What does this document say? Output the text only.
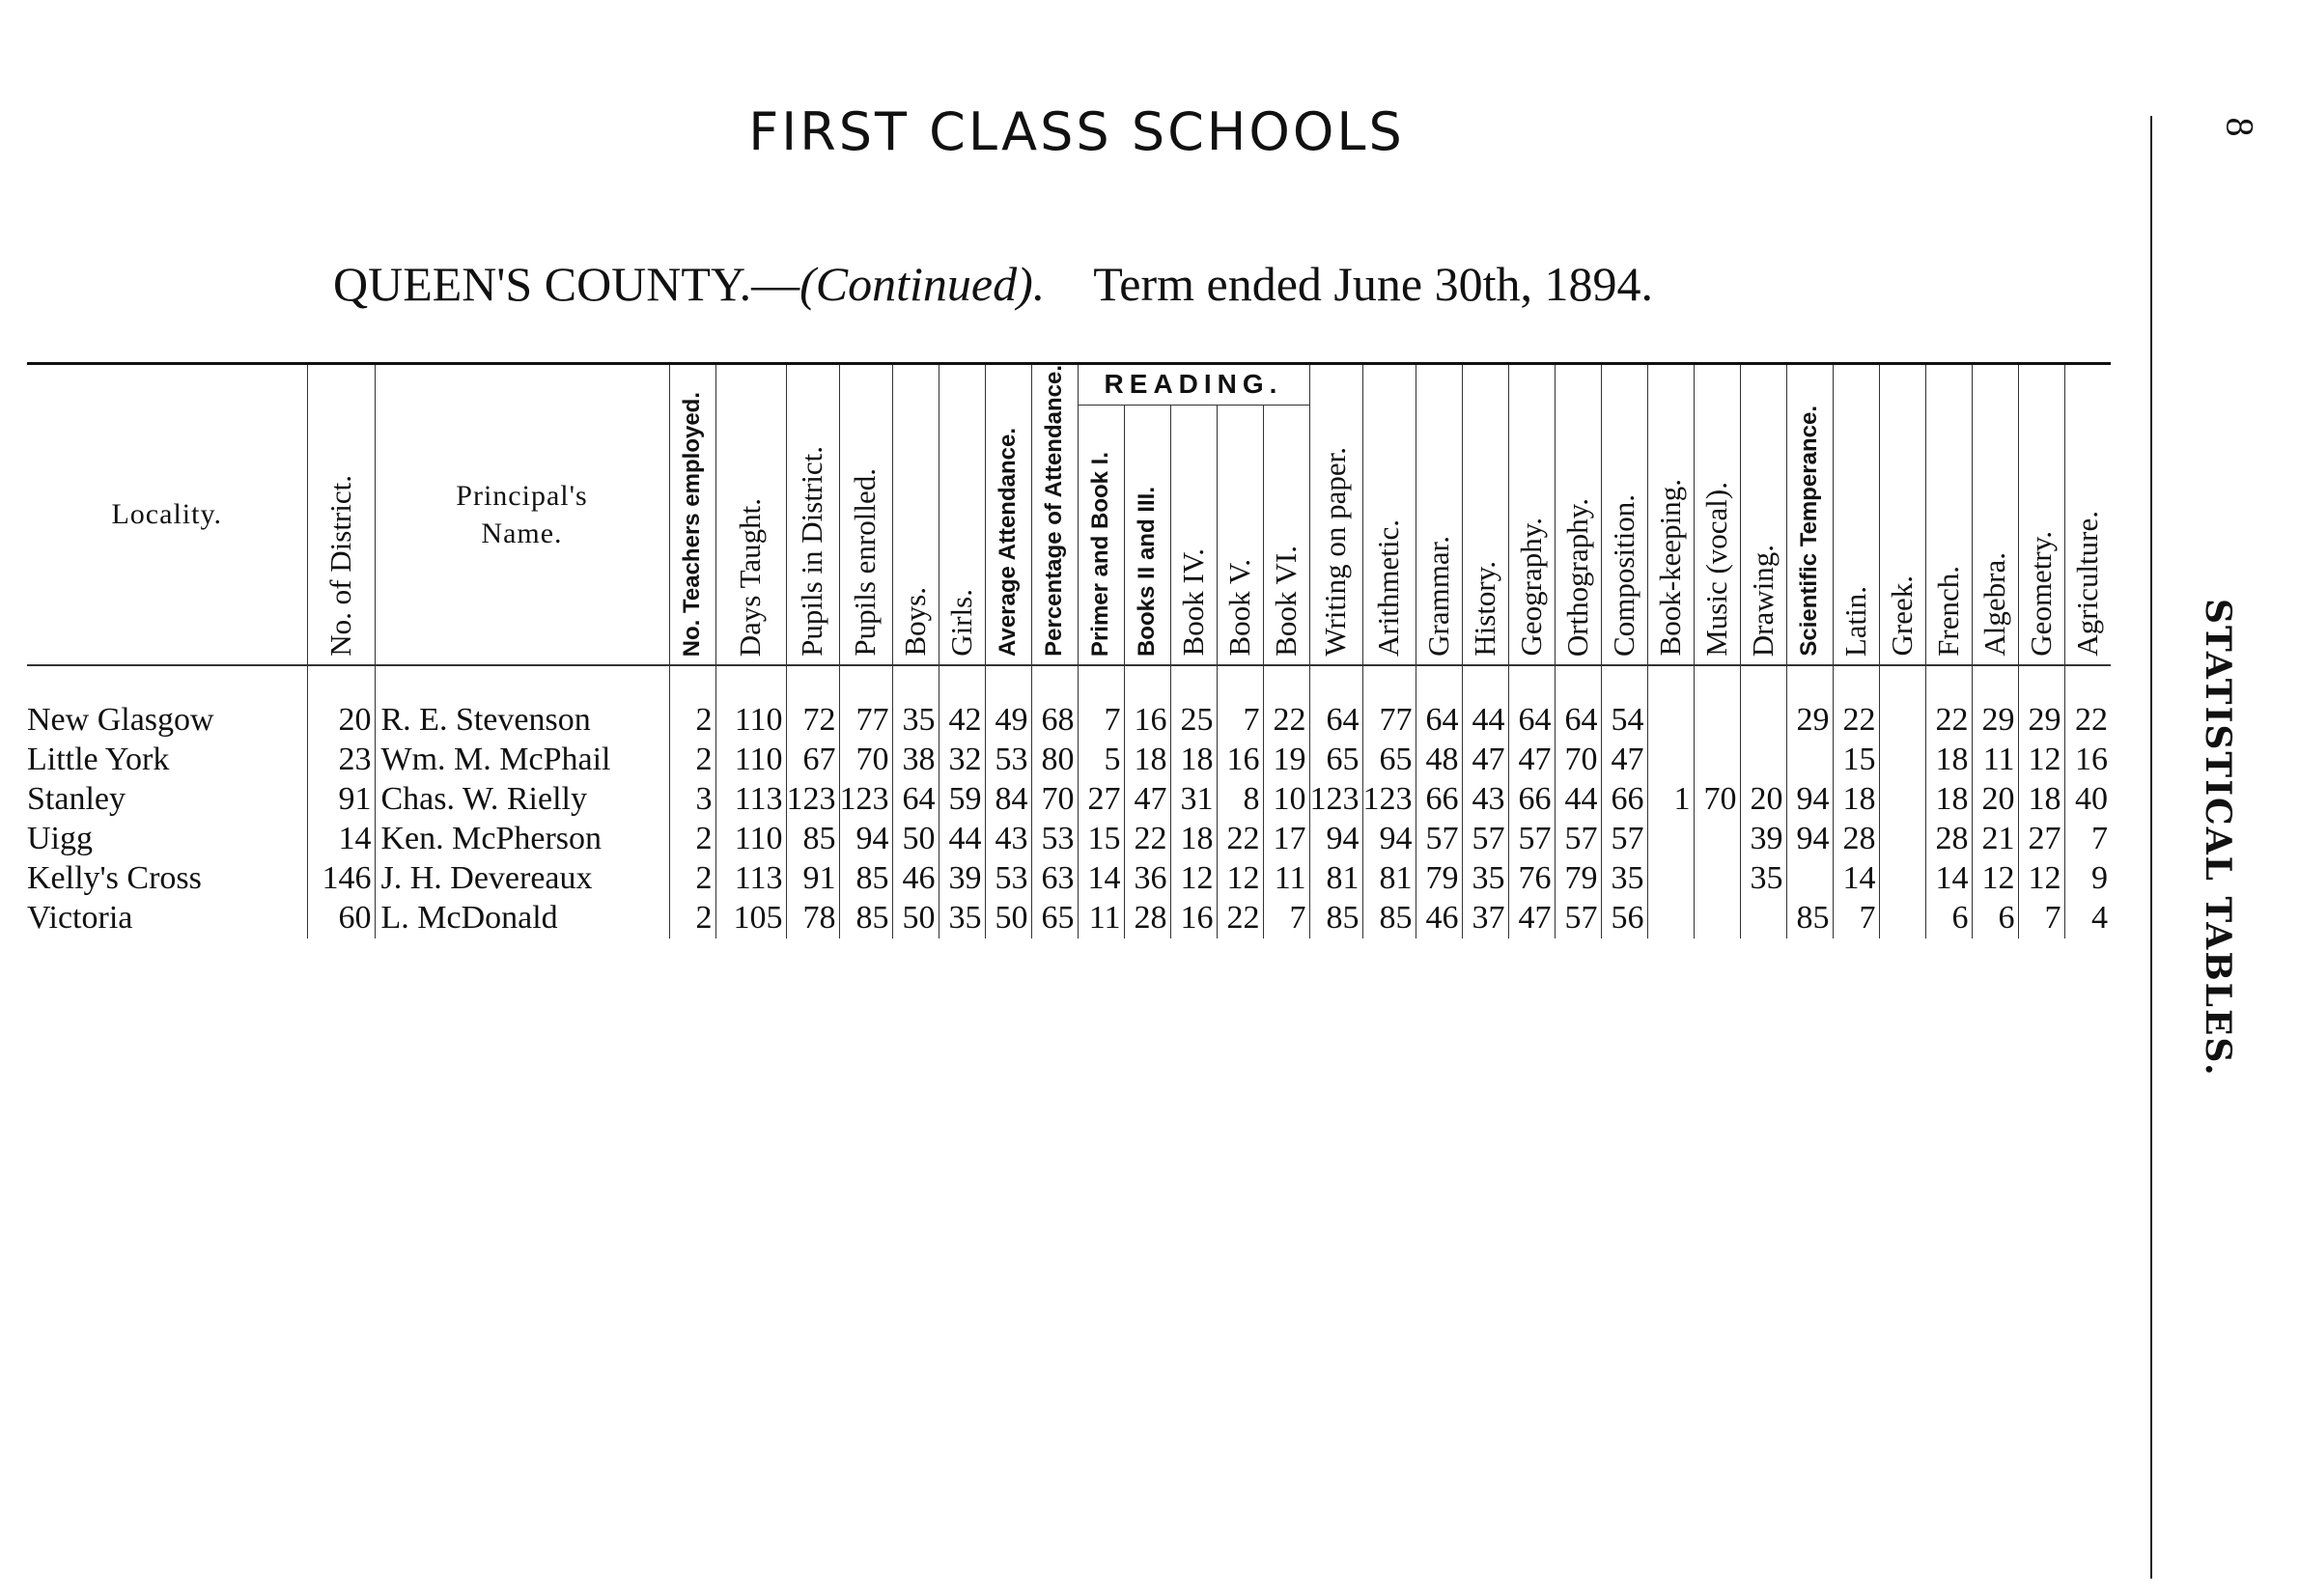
FIRST CLASS SCHOOLS
QUEEN'S COUNTY.—(Continued). Term ended June 30th, 1894.
8
STATISTICAL TABLES.
Locality.	No. of District.	Principal's
Name.	No. Teachers employed.	Days Taught.	Pupils in District.	Pupils enrolled.	Boys.	Girls.	Average Attendance.	Percentage of Attendance.	READING.					Writing on paper.	Arithmetic.	Grammar.	History.	Geography.	Orthography.	Composition.	Book-keeping.	Music (vocal).	Drawing.	Scientific Temperance.	Latin.	Greek.	French.	Algebra.	Geometry.	Agriculture.

											Primer and Book I.	Books II and III.	Book IV.	Book V.	Book VI.																	

New Glasgow	20	R. E. Stevenson	2	110	72	77	35	42	49	68	7	16	25	7	22	64	77	64	44	64	64	54				29	22		22	29	29	22
Little York	23	Wm. M. McPhail	2	110	67	70	38	32	53	80	5	18	18	16	19	65	65	48	47	47	70	47					15		18	11	12	16
Stanley	91	Chas. W. Rielly	3	113	123	123	64	59	84	70	27	47	31	8	10	123	123	66	43	66	44	66	1	70	20	94	18		18	20	18	40
Uigg	14	Ken. McPherson	2	110	85	94	50	44	43	53	15	22	18	22	17	94	94	57	57	57	57	57			39	94	28		28	21	27	7
Kelly's Cross	146	J. H. Devereaux	2	113	91	85	46	39	53	63	14	36	12	12	11	81	81	79	35	76	79	35			35		14		14	12	12	9
Victoria	60	L. McDonald	2	105	78	85	50	35	50	65	11	28	16	22	7	85	85	46	37	47	57	56				85	7		6	6	7	4
